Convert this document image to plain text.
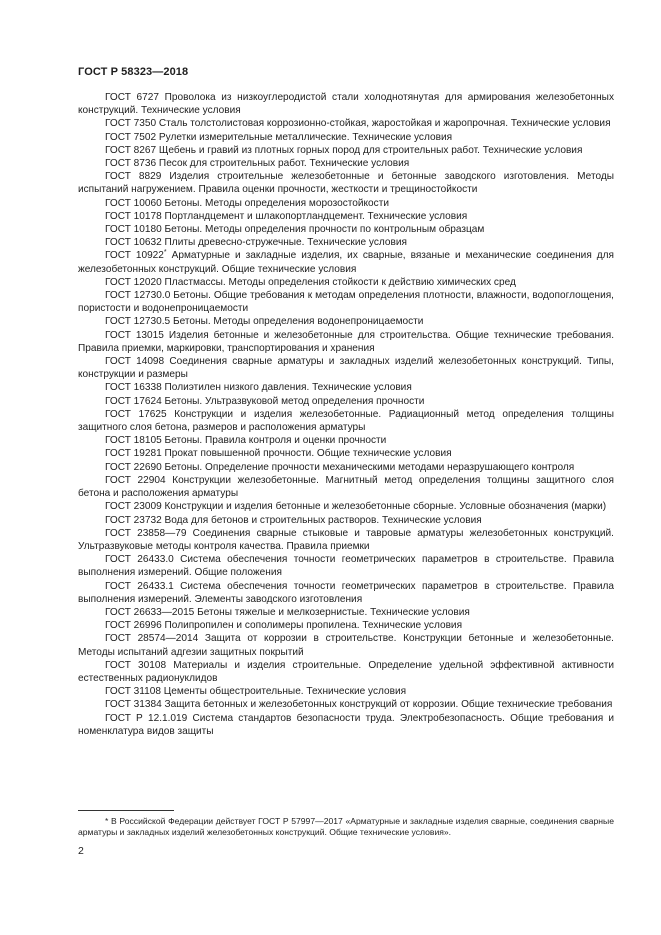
ГОСТ Р 58323—2018

ГОСТ 6727 Проволока из низкоуглеродистой стали холоднотянутая для армирования железобетонных конструкций. Технические условия

ГОСТ 7350 Сталь толстолистовая коррозионно-стойкая, жаростойкая и жаропрочная. Технические условия

ГОСТ 7502 Рулетки измерительные металлические. Технические условия

ГОСТ 8267 Щебень и гравий из плотных горных пород для строительных работ. Технические условия

ГОСТ 8736 Песок для строительных работ. Технические условия

ГОСТ 8829 Изделия строительные железобетонные и бетонные заводского изготовления. Методы испытаний нагружением. Правила оценки прочности, жесткости и трещиностойкости

ГОСТ 10060 Бетоны. Методы определения морозостойкости

ГОСТ 10178 Портландцемент и шлакопортландцемент. Технические условия

ГОСТ 10180 Бетоны. Методы определения прочности по контрольным образцам

ГОСТ 10632 Плиты древесно-стружечные. Технические условия

ГОСТ 10922* Арматурные и закладные изделия, их сварные, вязаные и механические соединения для железобетонных конструкций. Общие технические условия

ГОСТ 12020 Пластмассы. Методы определения стойкости к действию химических сред

ГОСТ 12730.0 Бетоны. Общие требования к методам определения плотности, влажности, водопоглощения, пористости и водонепроницаемости

ГОСТ 12730.5 Бетоны. Методы определения водонепроницаемости

ГОСТ 13015 Изделия бетонные и железобетонные для строительства. Общие технические требования. Правила приемки, маркировки, транспортирования и хранения

ГОСТ 14098 Соединения сварные арматуры и закладных изделий железобетонных конструкций. Типы, конструкции и размеры

ГОСТ 16338 Полиэтилен низкого давления. Технические условия

ГОСТ 17624 Бетоны. Ультразвуковой метод определения прочности

ГОСТ 17625 Конструкции и изделия железобетонные. Радиационный метод определения толщины защитного слоя бетона, размеров и расположения арматуры

ГОСТ 18105 Бетоны. Правила контроля и оценки прочности

ГОСТ 19281 Прокат повышенной прочности. Общие технические условия

ГОСТ 22690 Бетоны. Определение прочности механическими методами неразрушающего контроля

ГОСТ 22904 Конструкции железобетонные. Магнитный метод определения толщины защитного слоя бетона и расположения арматуры

ГОСТ 23009 Конструкции и изделия бетонные и железобетонные сборные. Условные обозначения (марки)

ГОСТ 23732 Вода для бетонов и строительных растворов. Технические условия

ГОСТ 23858—79 Соединения сварные стыковые и тавровые арматуры железобетонных конструкций. Ультразвуковые методы контроля качества. Правила приемки

ГОСТ 26433.0 Система обеспечения точности геометрических параметров в строительстве. Правила выполнения измерений. Общие положения

ГОСТ 26433.1 Система обеспечения точности геометрических параметров в строительстве. Правила выполнения измерений. Элементы заводского изготовления

ГОСТ 26633—2015 Бетоны тяжелые и мелкозернистые. Технические условия

ГОСТ 26996 Полипропилен и сополимеры пропилена. Технические условия

ГОСТ 28574—2014 Защита от коррозии в строительстве. Конструкции бетонные и железобетонные. Методы испытаний адгезии защитных покрытий

ГОСТ 30108 Материалы и изделия строительные. Определение удельной эффективной активности естественных радионуклидов

ГОСТ 31108 Цементы общестроительные. Технические условия

ГОСТ 31384 Защита бетонных и железобетонных конструкций от коррозии. Общие технические требования

ГОСТ Р 12.1.019 Система стандартов безопасности труда. Электробезопасность. Общие требования и номенклатура видов защиты

* В Российской Федерации действует ГОСТ Р 57997—2017 «Арматурные и закладные изделия сварные, соединения сварные арматуры и закладных изделий железобетонных конструкций. Общие технические условия».

2
